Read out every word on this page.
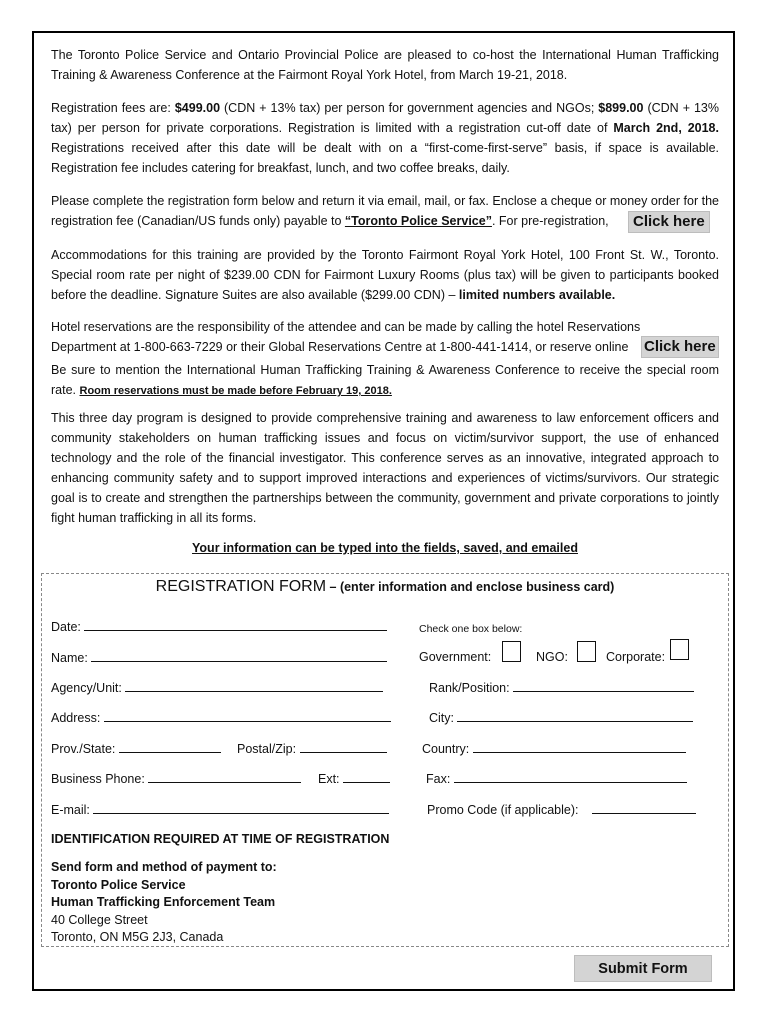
The Toronto Police Service and Ontario Provincial Police are pleased to co-host the International Human Trafficking Training & Awareness Conference at the Fairmont Royal York Hotel, from March 19-21, 2018.

Registration fees are: $499.00 (CDN + 13% tax) per person for government agencies and NGOs; $899.00 (CDN + 13% tax) per person for private corporations. Registration is limited with a registration cut-off date of March 2nd, 2018. Registrations received after this date will be dealt with on a “first-come-first-serve” basis, if space is available. Registration fee includes catering for breakfast, lunch, and two coffee breaks, daily.

Please complete the registration form below and return it via email, mail, or fax. Enclose a cheque or money order for the registration fee (Canadian/US funds only) payable to “Toronto Police Service”. For pre-registration,	Click here

Accommodations for this training are provided by the Toronto Fairmont Royal York Hotel, 100 Front St. W., Toronto. Special room rate per night of $239.00 CDN for Fairmont Luxury Rooms (plus tax) will be given to participants booked before the deadline. Signature Suites are also available ($299.00 CDN) – limited numbers available.

Hotel reservations are the responsibility of the attendee and can be made by calling the hotel Reservations Department at 1-800-663-7229 or their Global Reservations Centre at 1-800-441-1414, or reserve online	Click here

Be sure to mention the International Human Trafficking Training & Awareness Conference to receive the special room rate. Room reservations must be made before February 19, 2018.

This three day program is designed to provide comprehensive training and awareness to law enforcement officers and community stakeholders on human trafficking issues and focus on victim/survivor support, the use of enhanced technology and the role of the financial investigator. This conference serves as an innovative, integrated approach to enhancing community safety and to support improved interactions and experiences of victims/survivors. Our strategic goal is to create and strengthen the partnerships between the community, government and private corporations to jointly fight human trafficking in all its forms.

Your information can be typed into the fields, saved, and emailed
REGISTRATION FORM – (enter information and enclose business card)
Date:	Check one box below:
Name:	Government:	NGO:	Corporate:
Agency/Unit:	Rank/Position:
Address:	City:
Prov./State:	Postal/Zip:	Country:
Business Phone:	Ext:	Fax:
E-mail:	Promo Code (if applicable):
IDENTIFICATION REQUIRED AT TIME OF REGISTRATION
Send form and method of payment to:
Toronto Police Service
Human Trafficking Enforcement Team
40 College Street
Toronto, ON M5G 2J3, Canada
Submit Form
